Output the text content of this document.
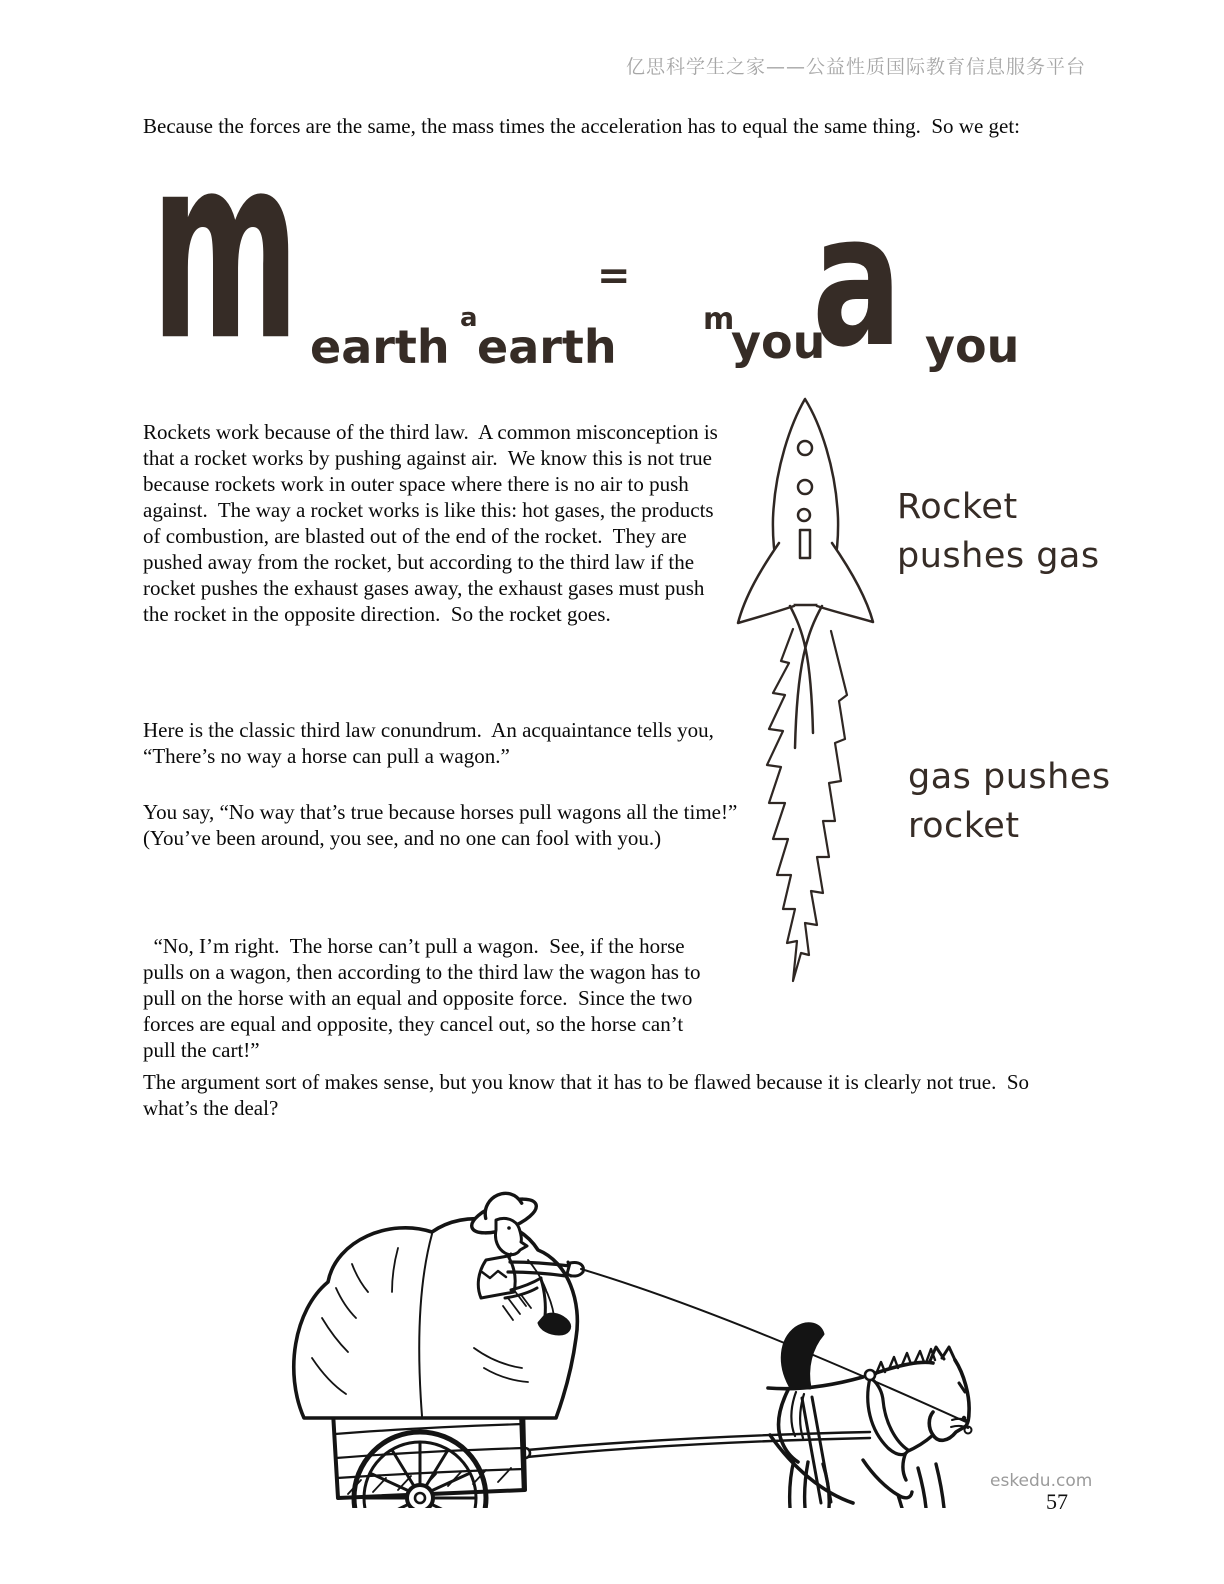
亿思科学生之家——公益性质国际教育信息服务平台
Because the forces are the same, the mass times the acceleration has to equal the same thing.  So we get:
m earth
a
earth
=
m
you
a you
Rockets work because of the third law.  A common misconception is that a rocket works by pushing against air.  We know this is not true because rockets work in outer space where there is no air to push against.  The way a rocket works is like this: hot gases, the products of combustion, are blasted out of the end of the rocket.  They are pushed away from the rocket, but according to the third law if the rocket pushes the exhaust gases away, the exhaust gases must push the rocket in the opposite direction.  So the rocket goes.
Here is the classic third law conundrum.  An acquaintance tells you, “There’s no way a horse can pull a wagon.”
You say, “No way that’s true because horses pull wagons all the time!” (You’ve been around, you see, and no one can fool with you.)

“No, I’m right.  The horse can’t pull a wagon.  See, if the horse pulls on a wagon, then according to the third law the wagon has to pull on the horse with an equal and opposite force.  Since the two forces are equal and opposite, they cancel out, so the horse can’t pull the cart!”

The argument sort of makes sense, but you know that it has to be flawed because it is clearly not true.  So what’s the deal?
Rocket pushes gas
gas pushes rocket
eskedu.com
57
